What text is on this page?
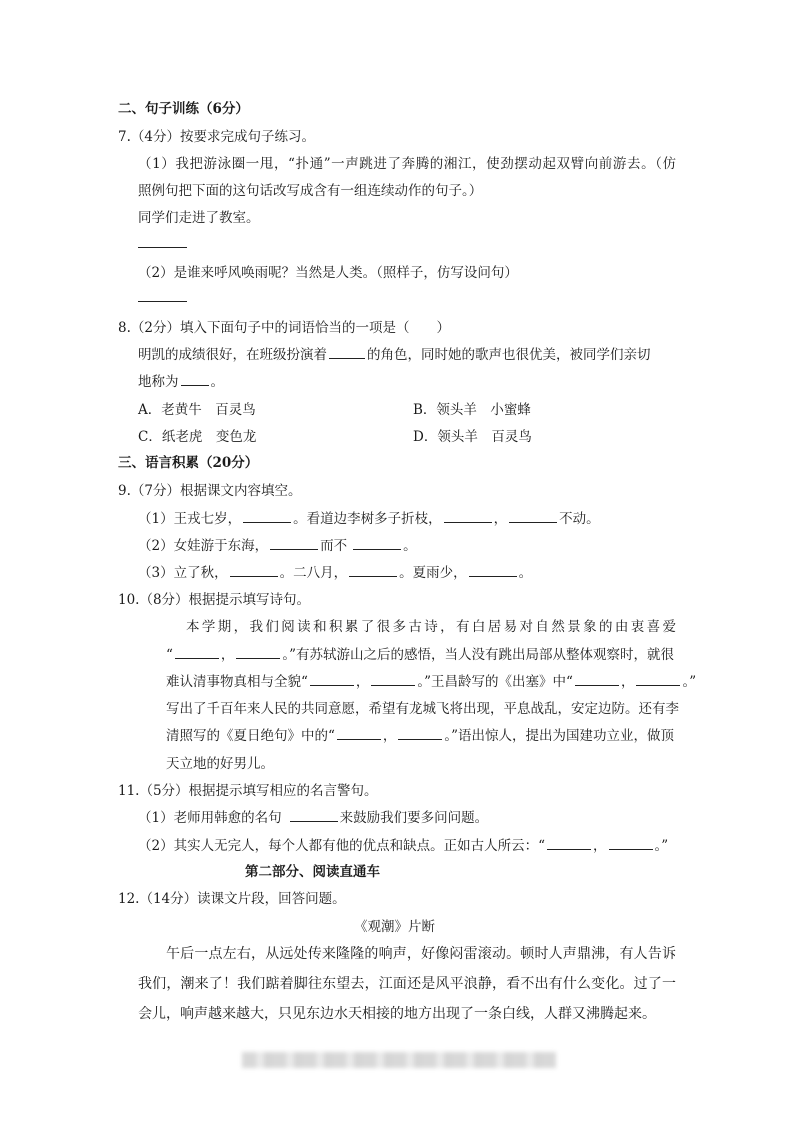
二、句子训练（6分）
7.（4分）按要求完成句子练习。
（1）我把游泳圈一甩，“扑通”一声跳进了奔腾的湘江，使劲摆动起双臂向前游去。（仿
照例句把下面的这句话改写成含有一组连续动作的句子。）
同学们走进了教室。
（2）是谁来呼风唤雨呢？当然是人类。（照样子，仿写设问句）
8.（2分）填入下面句子中的词语恰当的一项是（　　）
明凯的成绩很好，在班级扮演着	的角色，同时她的歌声也很优美，被同学们亲切
地称为 。
A．老黄牛　百灵鸟	B．领头羊　小蜜蜂
C．纸老虎　变色龙	D．领头羊　百灵鸟
三、语言积累（20分）
9.（7分）根据课文内容填空。
（1）王戎七岁，	。看道边李树多子折枝，	，	不动。
（2）女娃游于东海，	而不	。
（3）立了秋，	。二八月，	。夏雨少，	。
10.（8分）根据提示填写诗句。
本学期，我们阅读和积累了很多古诗，有白居易对自然景象的由衷喜爱
“	，	。”有苏轼游山之后的感悟，当人没有跳出局部从整体观察时，就很
难认清事物真相与全貌“	，	。”王昌龄写的《出塞》中“	，	。”
写出了千百年来人民的共同意愿，希望有龙城飞将出现，平息战乱，安定边防。还有李
清照写的《夏日绝句》中的“	，	。”语出惊人，提出为国建功立业，做顶
天立地的好男儿。
11.（5分）根据提示填写相应的名言警句。
（1）老师用韩愈的名句	来鼓励我们要多问问题。
（2）其实人无完人，每个人都有他的优点和缺点。正如古人所云：“	，	。”
第二部分、阅读直通车
12.（14分）读课文片段，回答问题。
《观潮》片断
午后一点左右，从远处传来隆隆的响声，好像闷雷滚动。顿时人声鼎沸，有人告诉
我们，潮来了！我们踮着脚往东望去，江面还是风平浪静，看不出有什么变化。过了一
会儿，响声越来越大，只见东边水天相接的地方出现了一条白线，人群又沸腾起来。
